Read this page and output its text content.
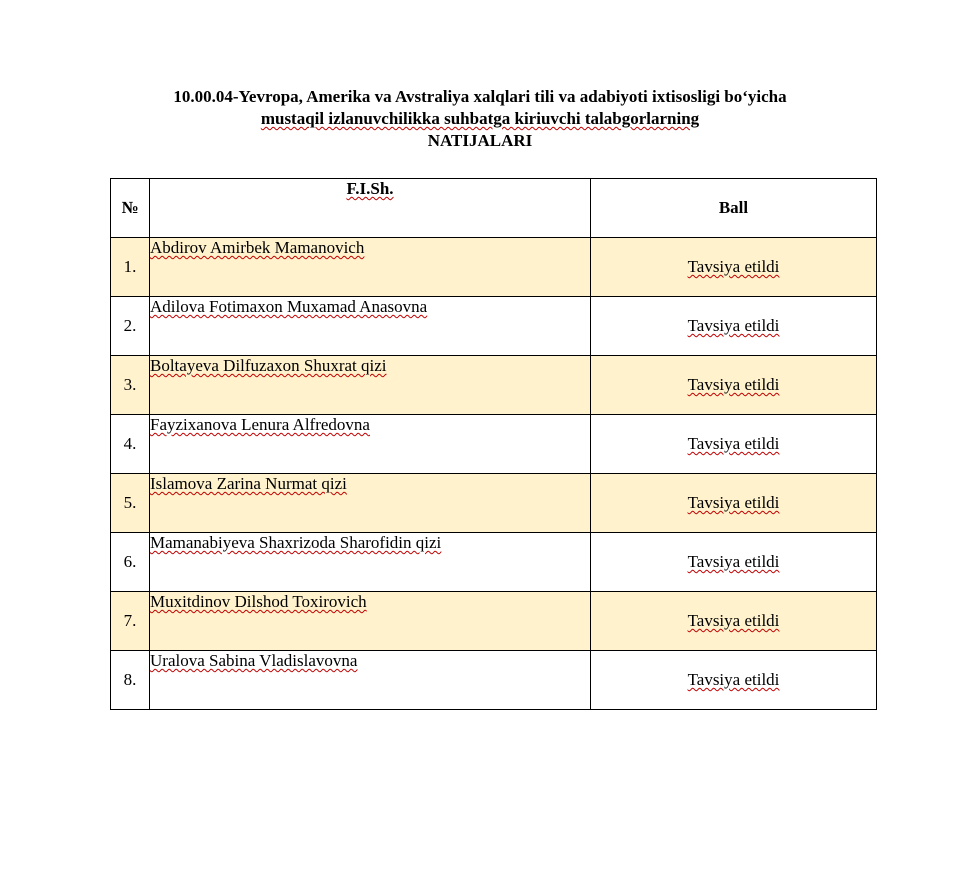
10.00.04-Yevropa, Amerika va Avstraliya xalqlari tili va adabiyoti ixtisosligi bo‘yicha
mustaqil izlanuvchilikka suhbatga kiriuvchi talabgorlarning
NATIJALARI
№	F.I.Sh.	Ball
1.	Abdirov Amirbek Mamanovich	Tavsiya etildi
2.	Adilova Fotimaxon Muxamad Anasovna	Tavsiya etildi
3.	Boltayeva Dilfuzaxon Shuxrat qizi	Tavsiya etildi
4.	Fayzixanova Lenura Alfredovna	Tavsiya etildi
5.	Islamova Zarina Nurmat qizi	Tavsiya etildi
6.	Mamanabiyeva Shaxrizoda Sharofidin qizi	Tavsiya etildi
7.	Muxitdinov Dilshod Toxirovich	Tavsiya etildi
8.	Uralova Sabina Vladislavovna	Tavsiya etildi
